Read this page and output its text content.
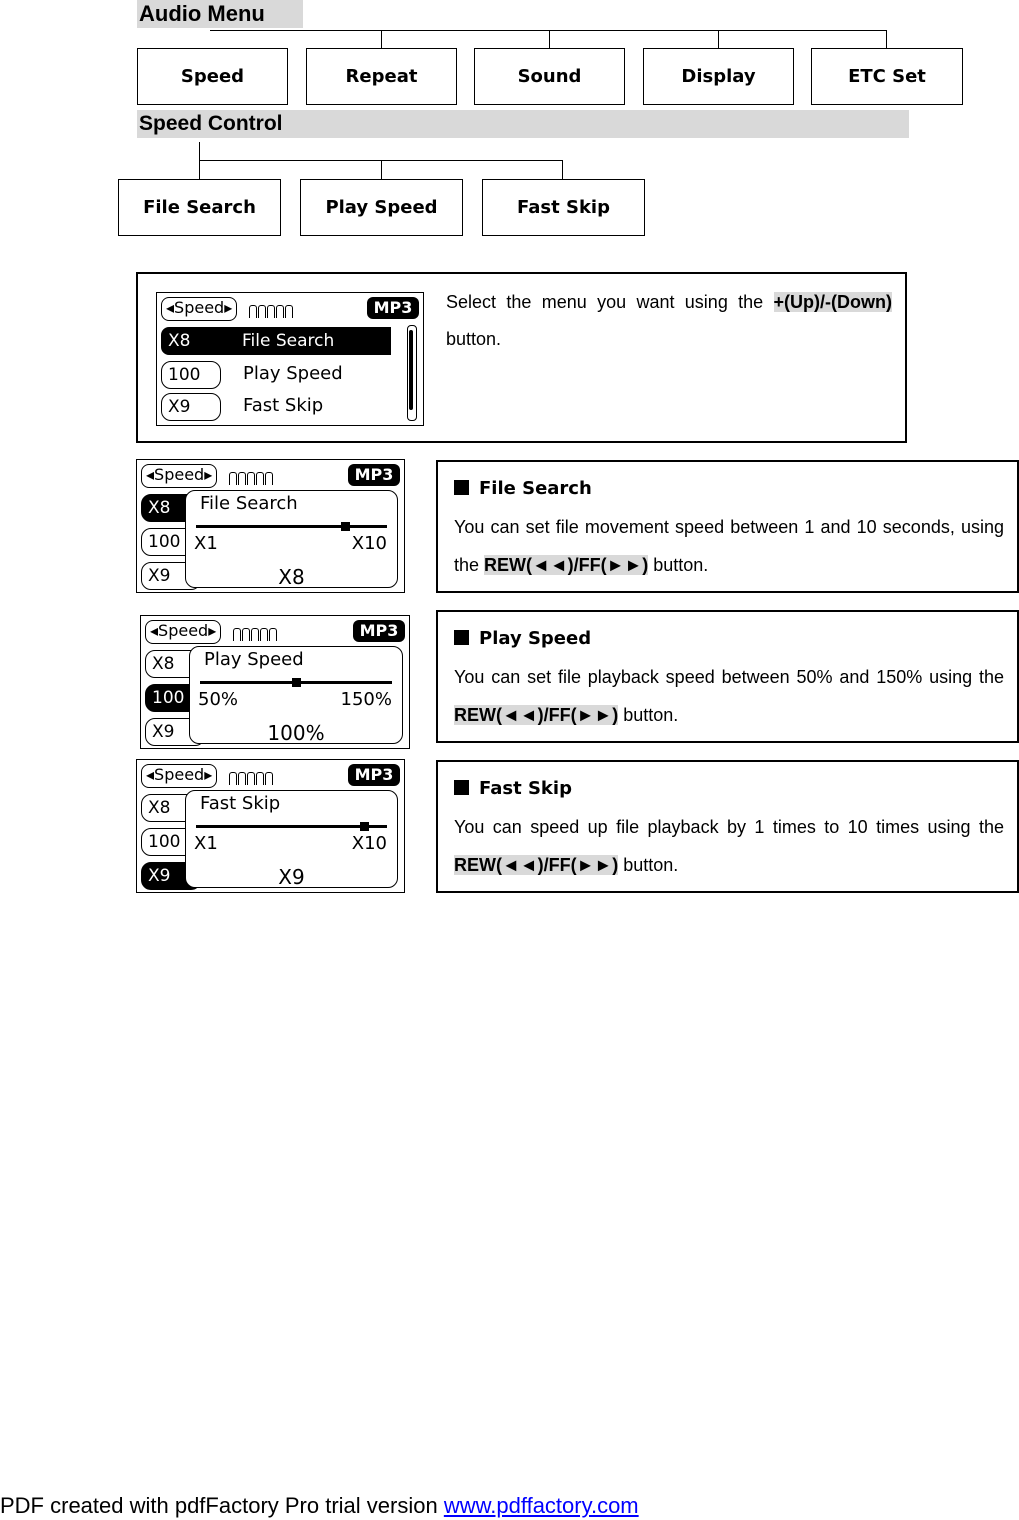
Audio Menu
Speed	Repeat	Sound	Display	ETC Set
Speed Control
File Search	Play Speed	Fast Skip
◂Speed▸	MP3
X8	File Search
100	Play Speed
X9	Fast Skip
Select the menu you want using the +(Up)/-(Down) button.
◂Speed▸	MP3
X8
100
X9
File Search
X1	X10
X8
File Search
You can set file movement speed between 1 and 10 seconds, using the REW(◄◄)/FF(►►) button.
◂Speed▸	MP3
X8
100
X9
Play Speed
50%	150%
100%
Play Speed
You can set file playback speed between 50% and 150% using the REW(◄◄)/FF(►►) button.
◂Speed▸	MP3
X8
100
X9
Fast Skip
X1	X10
X9
Fast Skip
You can speed up file playback by 1 times to 10 times using the REW(◄◄)/FF(►►) button.
PDF created with pdfFactory Pro trial version www.pdffactory.com
